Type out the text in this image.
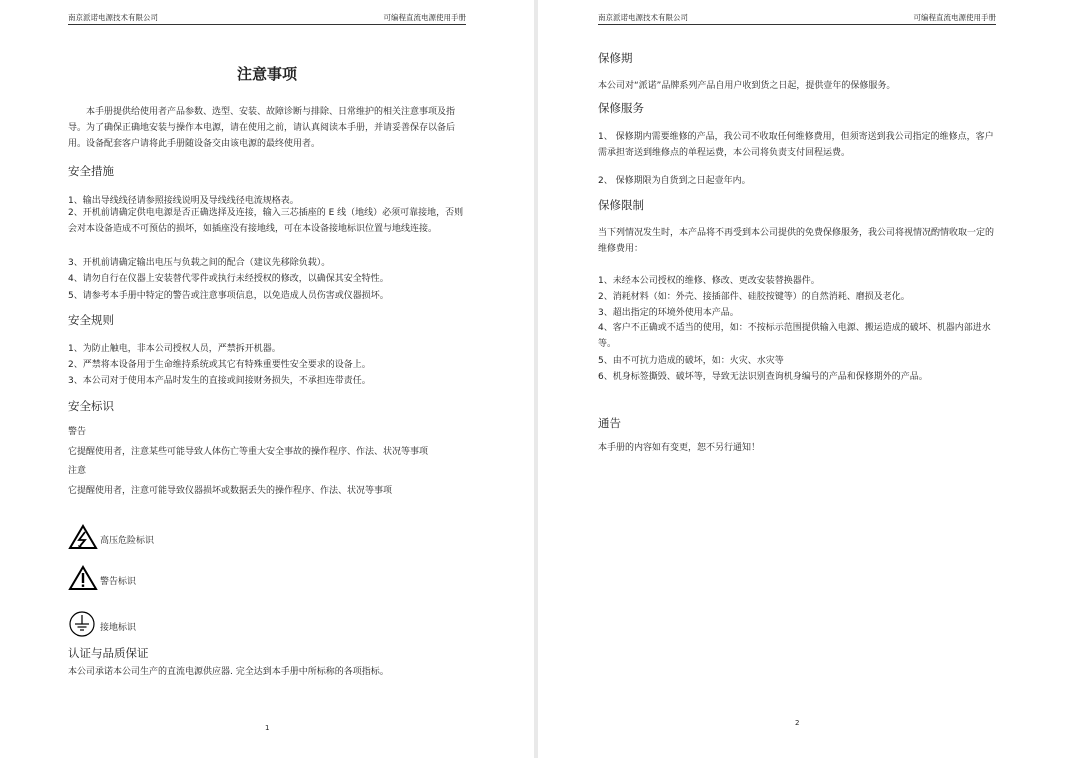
南京派诺电源技术有限公司	可编程直流电源使用手册
注意事项
本手册提供给使用者产品参数、选型、安装、故障诊断与排除、日常维护的相关注意事项及指导。为了确保正确地安装与操作本电源，请在使用之前，请认真阅读本手册，并请妥善保存以备后用。设备配套客户请将此手册随设备交由该电源的最终使用者。
安全措施
1、输出导线线径请参照接线说明及导线线径电流规格表。
2、开机前请确定供电电源是否正确选择及连接，输入三芯插座的 E 线（地线）必须可靠接地，否则会对本设备造成不可预估的损坏，如插座没有接地线，可在本设备接地标识位置与地线连接。
3、开机前请确定输出电压与负载之间的配合（建议先移除负载）。
4、请勿自行在仪器上安装替代零件或执行未经授权的修改，以确保其安全特性。
5、请参考本手册中特定的警告或注意事项信息，以免造成人员伤害或仪器损坏。
安全规则
1、为防止触电，非本公司授权人员，严禁拆开机器。
2、严禁将本设备用于生命维持系统或其它有特殊重要性安全要求的设备上。
3、本公司对于使用本产品时发生的直接或间接财务损失，不承担连带责任。
安全标识
警告
它提醒使用者，注意某些可能导致人体伤亡等重大安全事故的操作程序、作法、状况等事项
注意
它提醒使用者，注意可能导致仪器损坏或数据丢失的操作程序、作法、状况等事项
高压危险标识
警告标识
接地标识
认证与品质保证
本公司承诺本公司生产的直流电源供应器. 完全达到本手册中所标称的各项指标。
1
南京派诺电源技术有限公司	可编程直流电源使用手册
保修期
本公司对“派诺”品牌系列产品自用户收到货之日起，提供壹年的保修服务。
保修服务
1、 保修期内需要维修的产品，我公司不收取任何维修费用，但须寄送到我公司指定的维修点，客户需承担寄送到维修点的单程运费，本公司将负责支付回程运费。
2、 保修期限为自货到之日起壹年内。
保修限制
当下列情况发生时，本产品将不再受到本公司提供的免费保修服务，我公司将视情况酌情收取一定的维修费用：
1、未经本公司授权的维修、修改、更改安装替换器件。
2、消耗材料（如：外壳、接插部件、硅胶按键等）的自然消耗、磨损及老化。
3、超出指定的环境外使用本产品。
4、客户不正确或不适当的使用，如：不按标示范围提供输入电源、搬运造成的破坏、机器内部进水等。
5、由不可抗力造成的破坏，如：火灾、水灾等
6、机身标签撕毁、破坏等，导致无法识别查询机身编号的产品和保修期外的产品。
通告
本手册的内容如有变更，恕不另行通知！
2
